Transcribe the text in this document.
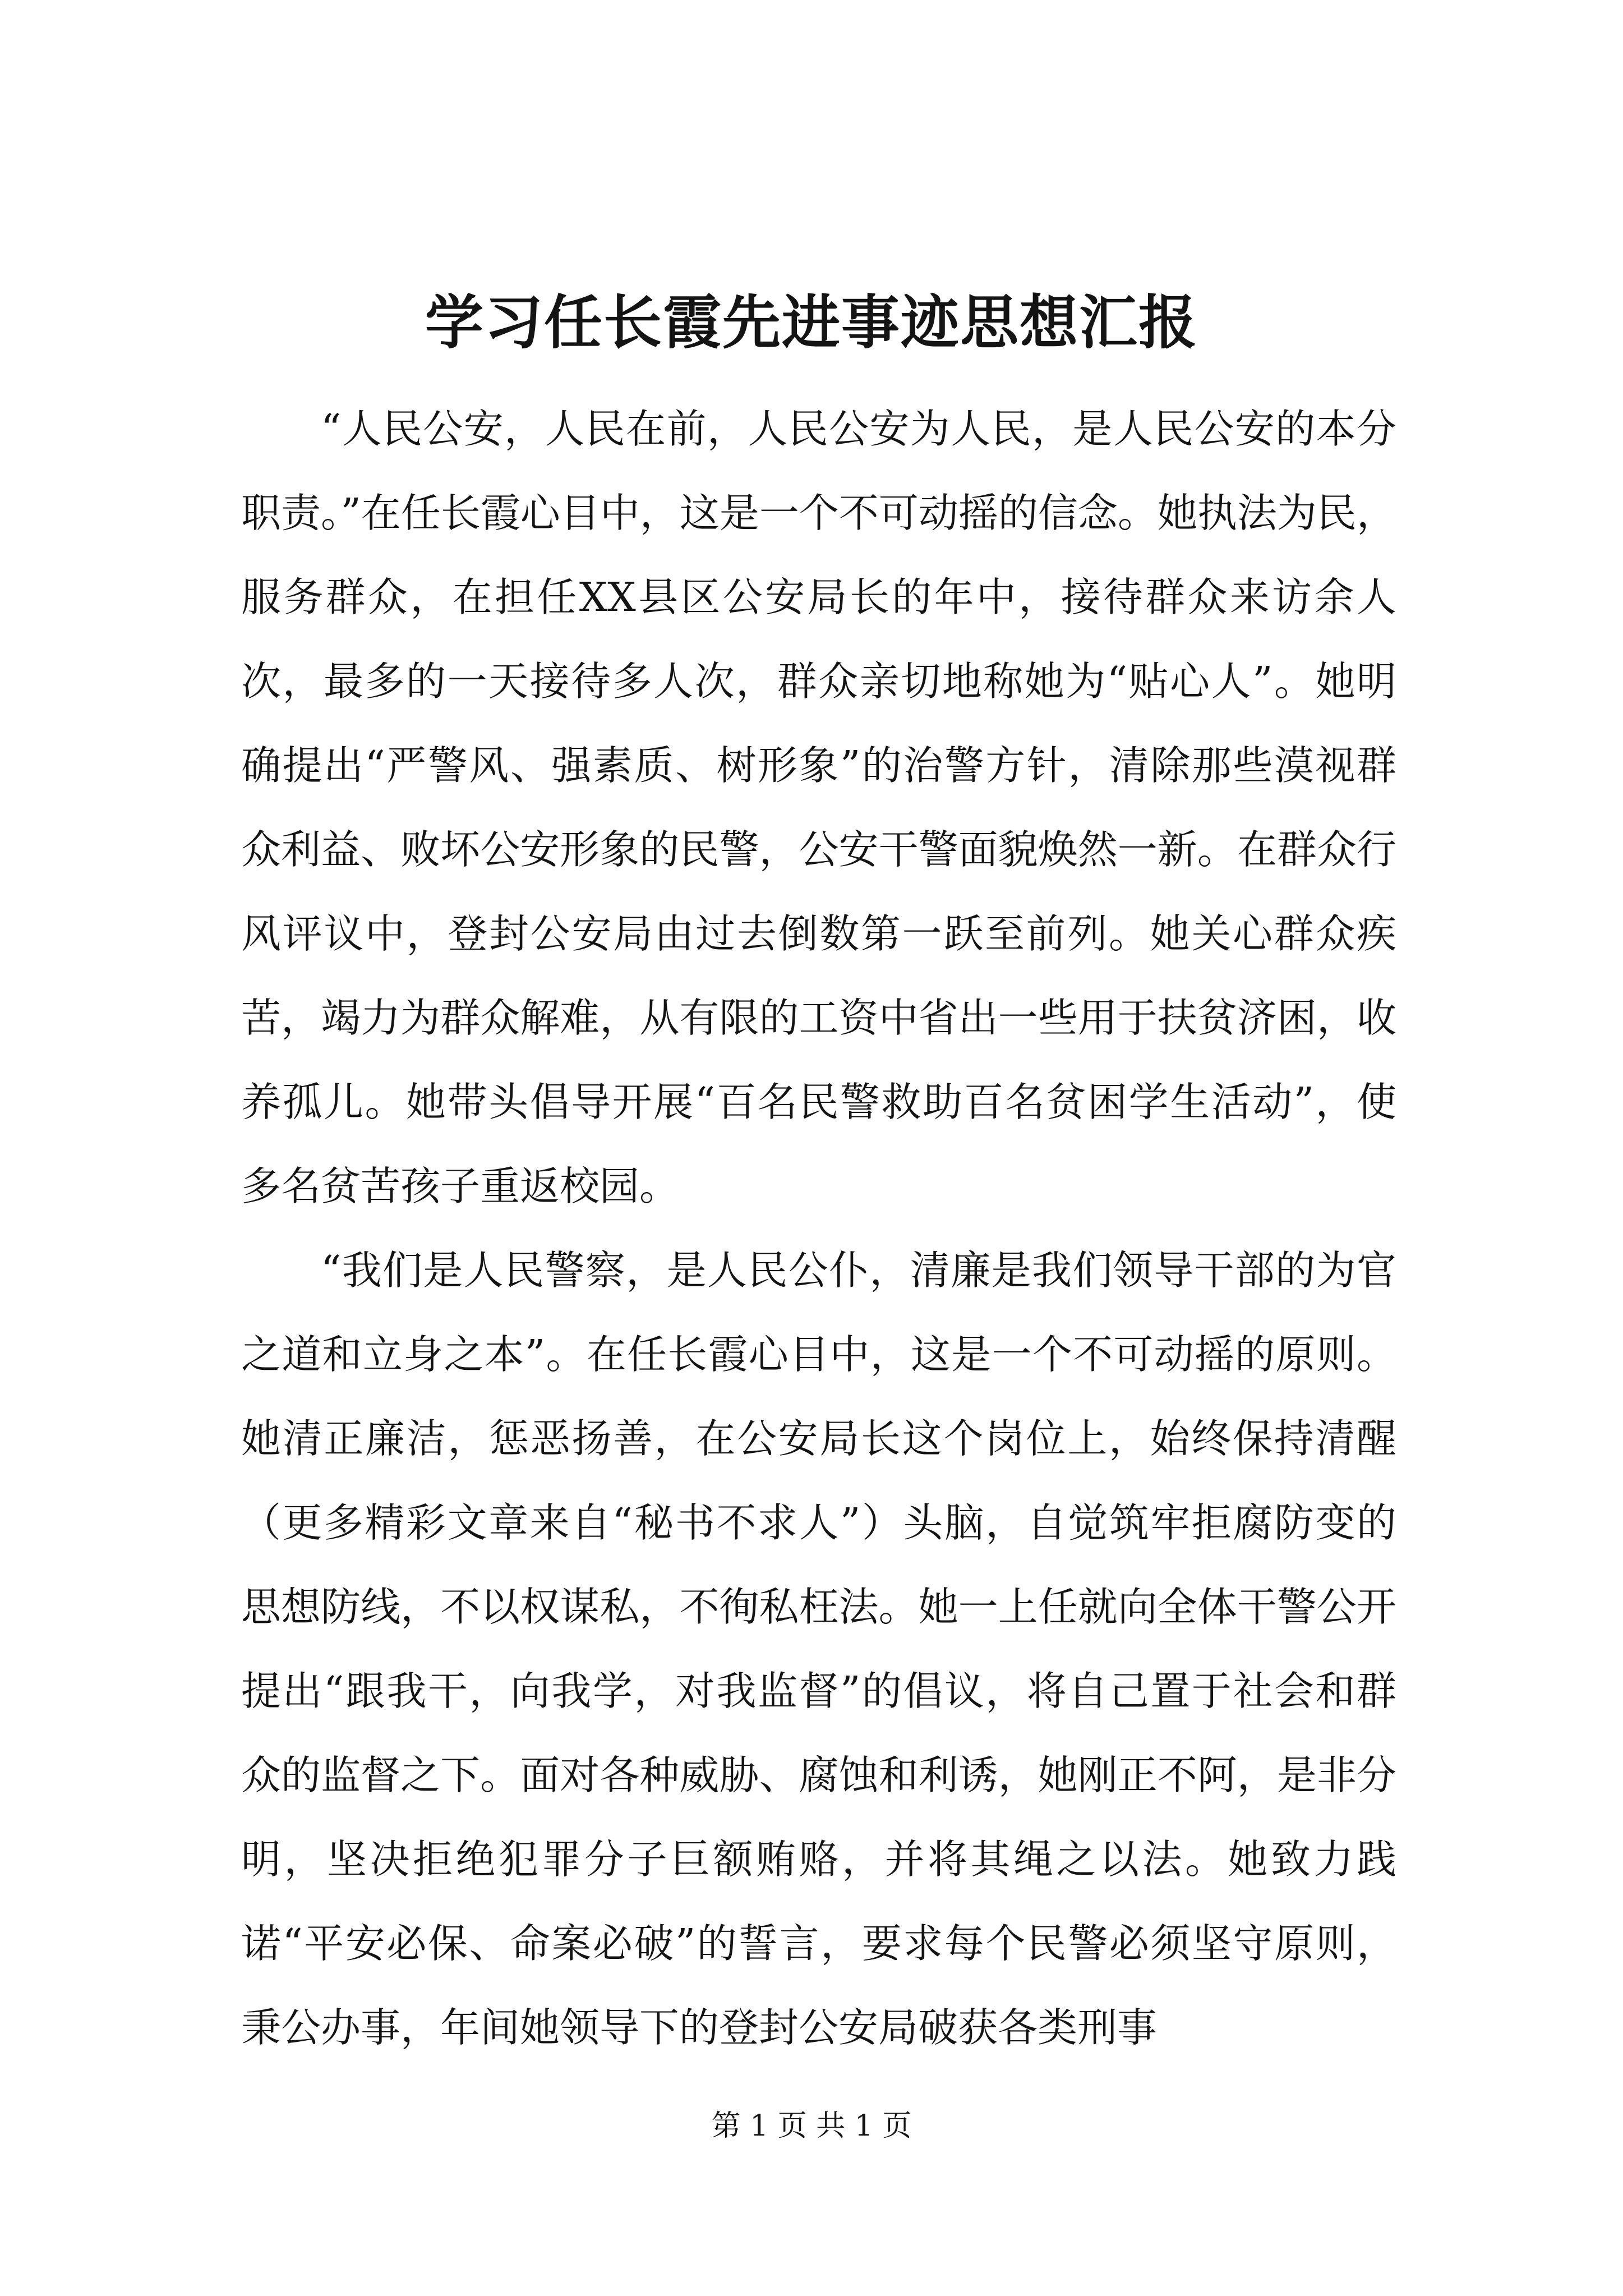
学习任长霞先进事迹思想汇报

“人民公安，人民在前，人民公安为人民，是人民公安的本分职责。”在任长霞心目中，这是一个不可动摇的信念。她执法为民，服务群众，在担任XX县区公安局长的年中，接待群众来访余人次，最多的一天接待多人次，群众亲切地称她为“贴心人”。她明确提出“严警风、强素质、树形象”的治警方针，清除那些漠视群众利益、败坏公安形象的民警，公安干警面貌焕然一新。在群众行风评议中，登封公安局由过去倒数第一跃至前列。她关心群众疾苦，竭力为群众解难，从有限的工资中省出一些用于扶贫济困，收养孤儿。她带头倡导开展“百名民警救助百名贫困学生活动”，使多名贫苦孩子重返校园。

“我们是人民警察，是人民公仆，清廉是我们领导干部的为官之道和立身之本”。在任长霞心目中，这是一个不可动摇的原则。她清正廉洁，惩恶扬善，在公安局长这个岗位上，始终保持清醒（更多精彩文章来自“秘书不求人”）头脑，自觉筑牢拒腐防变的思想防线，不以权谋私，不徇私枉法。她一上任就向全体干警公开提出“跟我干，向我学，对我监督”的倡议，将自己置于社会和群众的监督之下。面对各种威胁、腐蚀和利诱，她刚正不阿，是非分明，坚决拒绝犯罪分子巨额贿赂，并将其绳之以法。她致力践诺“平安必保、命案必破”的誓言，要求每个民警必须坚守原则，秉公办事，年间她领导下的登封公安局破获各类刑事

第 1 页 共 1 页
